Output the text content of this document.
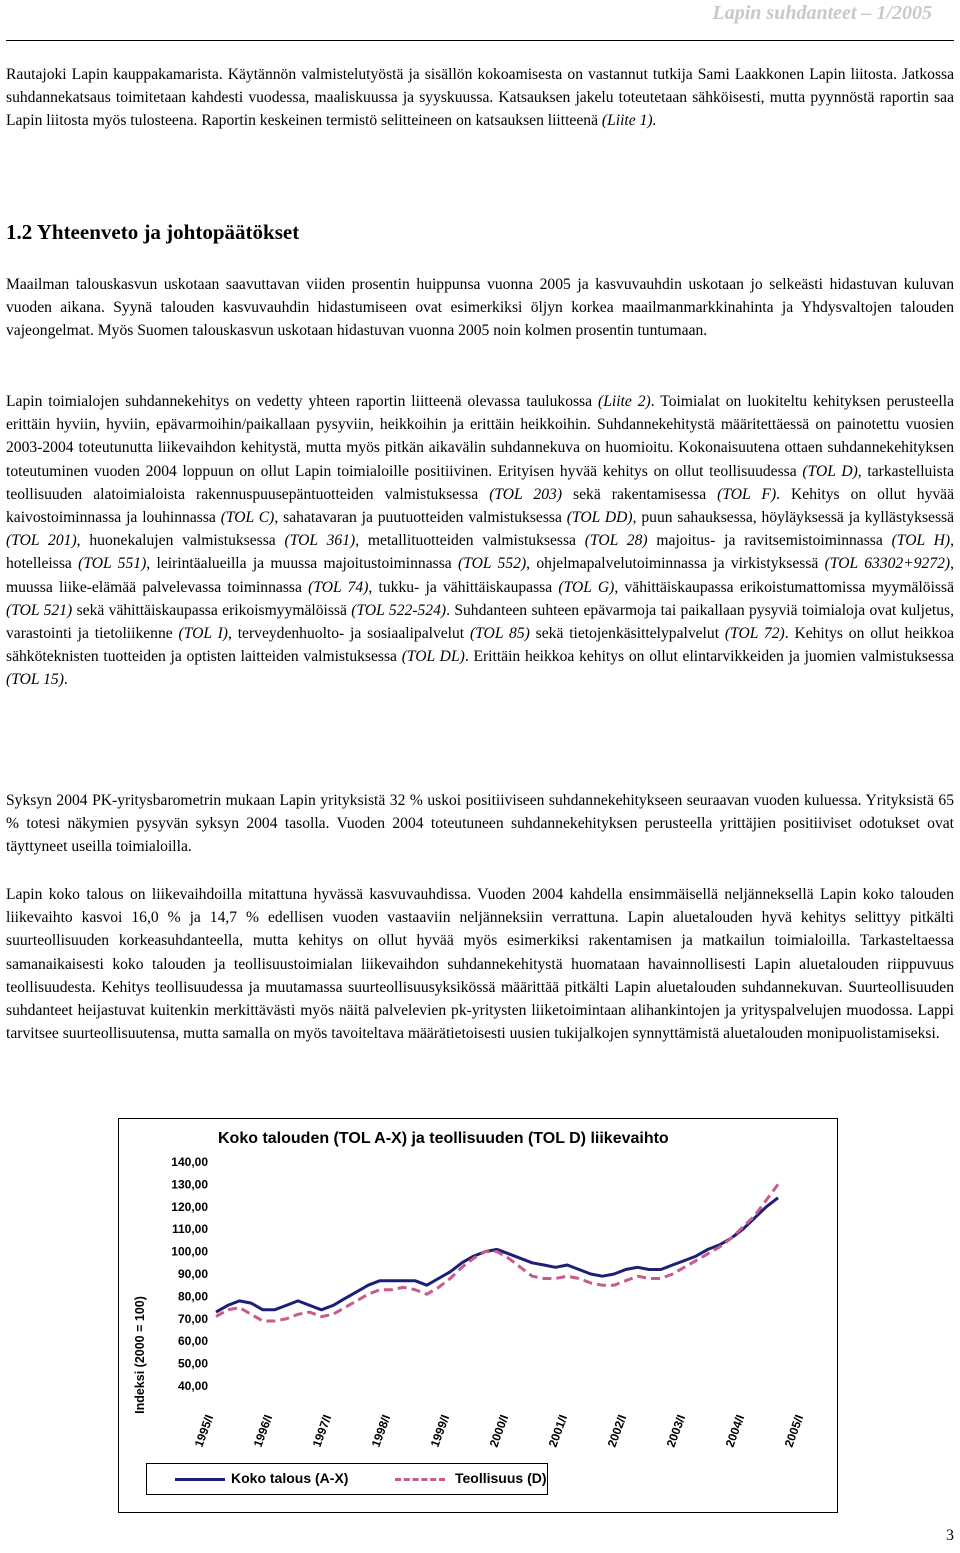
Lapin suhdanteet – 1/2005

Rautajoki Lapin kauppakamarista. Käytännön valmistelutyöstä ja sisällön kokoamisesta on vastannut tutkija Sami Laakkonen Lapin liitosta. Jatkossa suhdannekatsaus toimitetaan kahdesti vuodessa, maaliskuussa ja syyskuussa. Katsauksen jakelu toteutetaan sähköisesti, mutta pyynnöstä raportin saa Lapin liitosta myös tulosteena. Raportin keskeinen termistö selitteineen on katsauksen liitteenä (Liite 1).

1.2 Yhteenveto ja johtopäätökset

Maailman talouskasvun uskotaan saavuttavan viiden prosentin huippunsa vuonna 2005 ja kasvuvauhdin uskotaan jo selkeästi hidastuvan kuluvan vuoden aikana. Syynä talouden kasvuvauhdin hidastumiseen ovat esimerkiksi öljyn korkea maailmanmarkkinahinta ja Yhdysvaltojen talouden vajeongelmat. Myös Suomen talouskasvun uskotaan hidastuvan vuonna 2005 noin kolmen prosentin tuntumaan.

Lapin toimialojen suhdannekehitys on vedetty yhteen raportin liitteenä olevassa taulukossa (Liite 2). Toimialat on luokiteltu kehityksen perusteella erittäin hyviin, hyviin, epävarmoihin/paikallaan pysyviin, heikkoihin ja erittäin heikkoihin. Suhdannekehitystä määritettäessä on painotettu vuosien 2003-2004 toteutunutta liikevaihdon kehitystä, mutta myös pitkän aikavälin suhdannekuva on huomioitu. Kokonaisuutena ottaen suhdannekehityksen toteutuminen vuoden 2004 loppuun on ollut Lapin toimialoille positiivinen. Erityisen hyvää kehitys on ollut teollisuudessa (TOL D), tarkastelluista teollisuuden alatoimialoista rakennuspuusepäntuotteiden valmistuksessa (TOL 203) sekä rakentamisessa (TOL F). Kehitys on ollut hyvää kaivostoiminnassa ja louhinnassa (TOL C), sahatavaran ja puutuotteiden valmistuksessa (TOL DD), puun sahauksessa, höyläyksessä ja kyllästyksessä (TOL 201), huonekalujen valmistuksessa (TOL 361), metallituotteiden valmistuksessa (TOL 28) majoitus- ja ravitsemistoiminnassa (TOL H), hotelleissa (TOL 551), leirintäalueilla ja muussa majoitustoiminnassa (TOL 552), ohjelmapalvelutoiminnassa ja virkistyksessä (TOL 63302+9272), muussa liike-elämää palvelevassa toiminnassa (TOL 74), tukku- ja vähittäiskaupassa (TOL G), vähittäiskaupassa erikoistumattomissa myymälöissä (TOL 521) sekä vähittäiskaupassa erikoismyymälöissä (TOL 522-524). Suhdanteen suhteen epävarmoja tai paikallaan pysyviä toimialoja ovat kuljetus, varastointi ja tietoliikenne (TOL I), terveydenhuolto- ja sosiaalipalvelut (TOL 85) sekä tietojenkäsittelypalvelut (TOL 72). Kehitys on ollut heikkoa sähköteknisten tuotteiden ja optisten laitteiden valmistuksessa (TOL DL). Erittäin heikkoa kehitys on ollut elintarvikkeiden ja juomien valmistuksessa (TOL 15).

Syksyn 2004 PK-yritysbarometrin mukaan Lapin yrityksistä 32 % uskoi positiiviseen suhdannekehitykseen seuraavan vuoden kuluessa. Yrityksistä 65 % totesi näkymien pysyvän syksyn 2004 tasolla. Vuoden 2004 toteutuneen suhdannekehityksen perusteella yrittäjien positiiviset odotukset ovat täyttyneet useilla toimialoilla.

Lapin koko talous on liikevaihdoilla mitattuna hyvässä kasvuvauhdissa. Vuoden 2004 kahdella ensimmäisellä neljänneksellä Lapin koko talouden liikevaihto kasvoi 16,0 % ja 14,7 % edellisen vuoden vastaaviin neljänneksiin verrattuna. Lapin aluetalouden hyvä kehitys selittyy pitkälti suurteollisuuden korkeasuhdanteella, mutta kehitys on ollut hyvää myös esimerkiksi rakentamisen ja matkailun toimialoilla. Tarkasteltaessa samanaikaisesti koko talouden ja teollisuustoimialan liikevaihdon suhdannekehitystä huomataan havainnollisesti Lapin aluetalouden riippuvuus teollisuudesta. Kehitys teollisuudessa ja muutamassa suurteollisuusyksikössä määrittää pitkälti Lapin aluetalouden suhdannekuvan. Suurteollisuuden suhdanteet heijastuvat kuitenkin merkittävästi myös näitä palvelevien pk-yritysten liiketoimintaan alihankintojen ja yrityspalvelujen muodossa. Lappi tarvitsee suurteollisuutensa, mutta samalla on myös tavoiteltava määrätietoisesti uusien tukijalkojen synnyttämistä aluetalouden monipuolistamiseksi.

Koko talouden (TOL A-X) ja teollisuuden (TOL D) liikevaihto
Indeksi (2000 = 100)
140,00
130,00
120,00
110,00
100,00
90,00
80,00
70,00
60,00
50,00
40,00
1995/I	1996/I	1997/I	1998/I	1999/I	2000/I	2001/I	2002/I	2003/I	2004/I	2005/I
Koko talous (A-X)	Teollisuus (D)
3
